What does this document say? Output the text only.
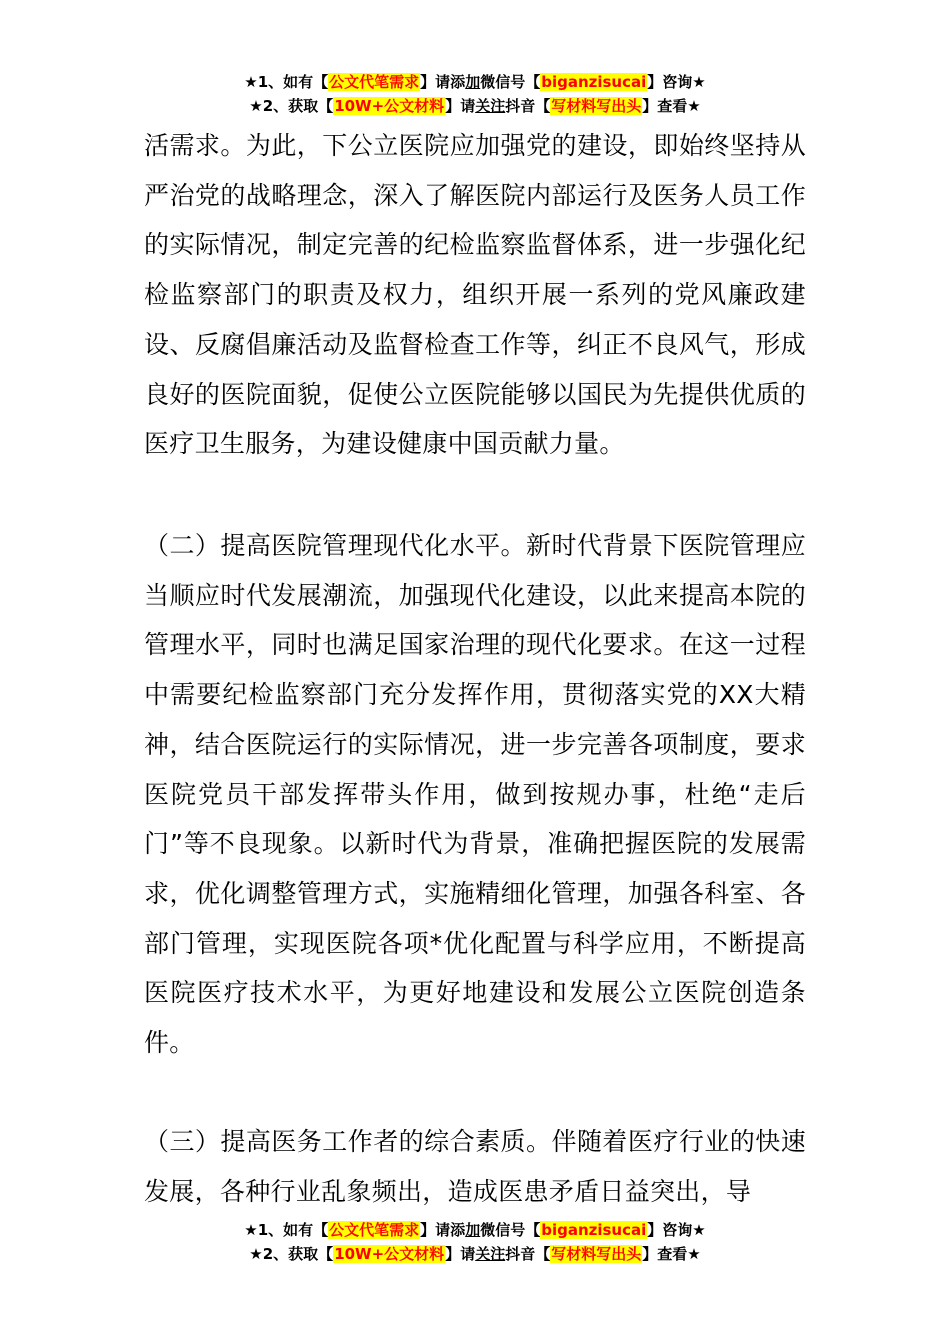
★1、如有【公文代笔需求】请添加微信号【biganzisucai】咨询★
★2、获取【10W+公文材料】请关注抖音【写材料写出头】查看★
活需求。为此，下公立医院应加强党的建设，即始终坚持从严治党的战略理念，深入了解医院内部运行及医务人员工作的实际情况，制定完善的纪检监察监督体系，进一步强化纪检监察部门的职责及权力，组织开展一系列的党风廉政建设、反腐倡廉活动及监督检查工作等，纠正不良风气，形成良好的医院面貌，促使公立医院能够以国民为先提供优质的医疗卫生服务，为建设健康中国贡献力量。
（二）提高医院管理现代化水平。新时代背景下医院管理应当顺应时代发展潮流，加强现代化建设，以此来提高本院的管理水平，同时也满足国家治理的现代化要求。在这一过程中需要纪检监察部门充分发挥作用，贯彻落实党的XX大精神，结合医院运行的实际情况，进一步完善各项制度，要求医院党员干部发挥带头作用，做到按规办事，杜绝“走后门”等不良现象。以新时代为背景，准确把握医院的发展需求，优化调整管理方式，实施精细化管理，加强各科室、各部门管理，实现医院各项*优化配置与科学应用，不断提高医院医疗技术水平，为更好地建设和发展公立医院创造条件。
（三）提高医务工作者的综合素质。伴随着医疗行业的快速发展，各种行业乱象频出，造成医患矛盾日益突出，导
★1、如有【公文代笔需求】请添加微信号【biganzisucai】咨询★
★2、获取【10W+公文材料】请关注抖音【写材料写出头】查看★
